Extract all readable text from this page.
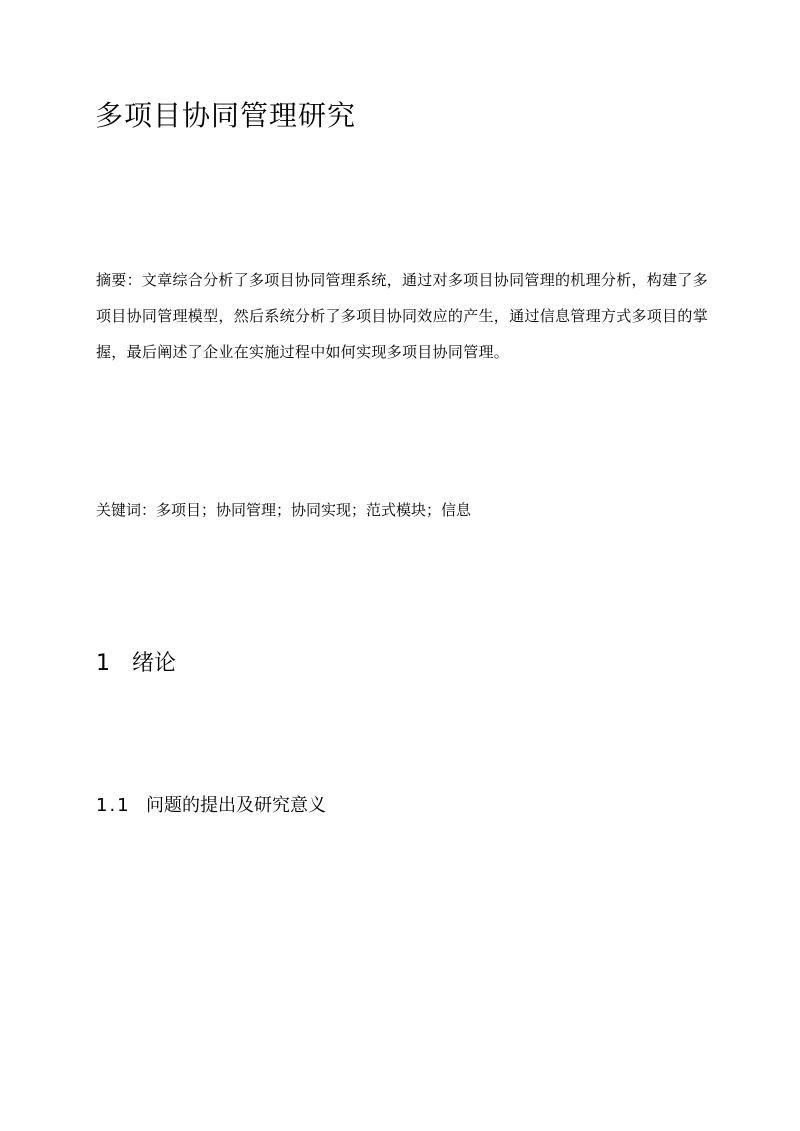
多项目协同管理研究

摘要：文章综合分析了多项目协同管理系统，通过对多项目协同管理的机理分析，构建了多项目协同管理模型，然后系统分析了多项目协同效应的产生，通过信息管理方式多项目的掌握，最后阐述了企业在实施过程中如何实现多项目协同管理。

关键词：多项目；协同管理；协同实现；范式模块；信息

1 绪论
1.1 问题的提出及研究意义
